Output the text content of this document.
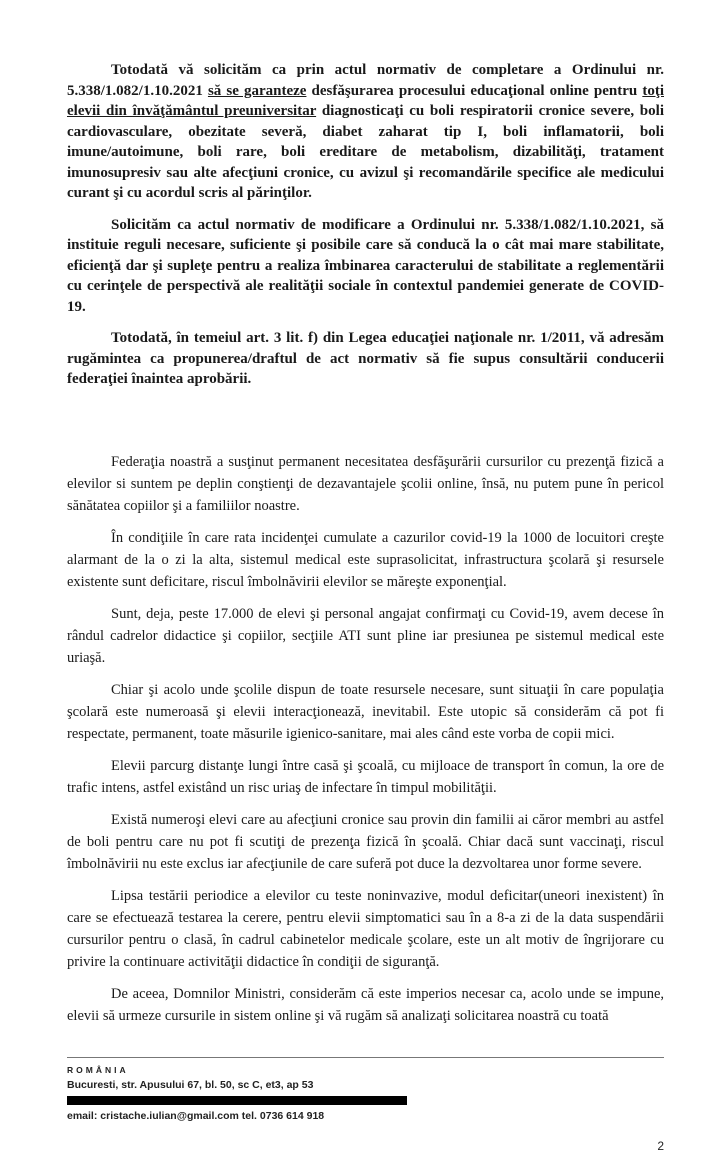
Totodată vă solicităm ca prin actul normativ de completare a Ordinului nr. 5.338/1.082/1.10.2021 să se garanteze desfăşurarea procesului educaţional online pentru toţi elevii din învăţământul preuniversitar diagnosticaţi cu boli respiratorii cronice severe, boli cardiovasculare, obezitate severă, diabet zaharat tip I, boli inflamatorii, boli imune/autoimune, boli rare, boli ereditare de metabolism, dizabilităţi, tratament imunosupresiv sau alte afecţiuni cronice, cu avizul şi recomandările specifice ale medicului curant şi cu acordul scris al părinţilor.

Solicităm ca actul normativ de modificare a Ordinului nr. 5.338/1.082/1.10.2021, să instituie reguli necesare, suficiente şi posibile care să conducă la o cât mai mare stabilitate, eficienţă dar şi supleţe pentru a realiza îmbinarea caracterului de stabilitate a reglementării cu cerinţele de perspectivă ale realităţii sociale în contextul pandemiei generate de COVID-19.

Totodată, în temeiul art. 3 lit. f) din Legea educaţiei naţionale nr. 1/2011, vă adresăm rugămintea ca propunerea/draftul de act normativ să fie supus consultării conducerii federaţiei înaintea aprobării.

Federaţia noastră a susţinut permanent necesitatea desfăşurării cursurilor cu prezenţă fizică a elevilor si suntem pe deplin conştienţi de dezavantajele şcolii online, însă, nu putem pune în pericol sănătatea copiilor şi a familiilor noastre.

În condiţiile în care rata incidenţei cumulate a cazurilor covid-19 la 1000 de locuitori creşte alarmant de la o zi la alta, sistemul medical este suprasolicitat, infrastructura şcolară şi resursele existente sunt deficitare, riscul îmbolnăvirii elevilor se măreşte exponenţial.

Sunt, deja, peste 17.000 de elevi şi personal angajat confirmaţi cu Covid-19, avem decese în rândul cadrelor didactice şi copiilor, secţiile ATI sunt pline iar presiunea pe sistemul medical este uriaşă.

Chiar şi acolo unde şcolile dispun de toate resursele necesare, sunt situaţii în care populaţia şcolară este numeroasă şi elevii interacţionează, inevitabil. Este utopic să considerăm că pot fi respectate, permanent, toate măsurile igienico-sanitare, mai ales când este vorba de copii mici.

Elevii parcurg distanţe lungi între casă şi şcoală, cu mijloace de transport în comun, la ore de trafic intens, astfel existând un risc uriaş de infectare în timpul mobilităţii.

Există numeroşi elevi care au afecţiuni cronice sau provin din familii ai căror membri au astfel de boli pentru care nu pot fi scutiţi de prezenţa fizică în şcoală. Chiar dacă sunt vaccinaţi, riscul îmbolnăvirii nu este exclus iar afecţiunile de care suferă pot duce la dezvoltarea unor forme severe.

Lipsa testării periodice a elevilor cu teste noninvazive, modul deficitar(uneori inexistent) în care se efectuează testarea la cerere, pentru elevii simptomatici sau în a 8-a zi de la data suspendării cursurilor pentru o clasă, în cadrul cabinetelor medicale şcolare, este un alt motiv de îngrijorare cu privire la continuare activităţii didactice în condiţii de siguranţă.

De aceea, Domnilor Ministri, considerăm că este imperios necesar ca, acolo unde se impune, elevii să urmeze cursurile in sistem online şi vă rugăm să analizaţi solicitarea noastră cu toată

ROMÂNIA
Bucuresti, str. Apusului 67, bl. 50, sc C, et3, ap 53
email: cristache.iulian@gmail.com tel. 0736 614 918
2
